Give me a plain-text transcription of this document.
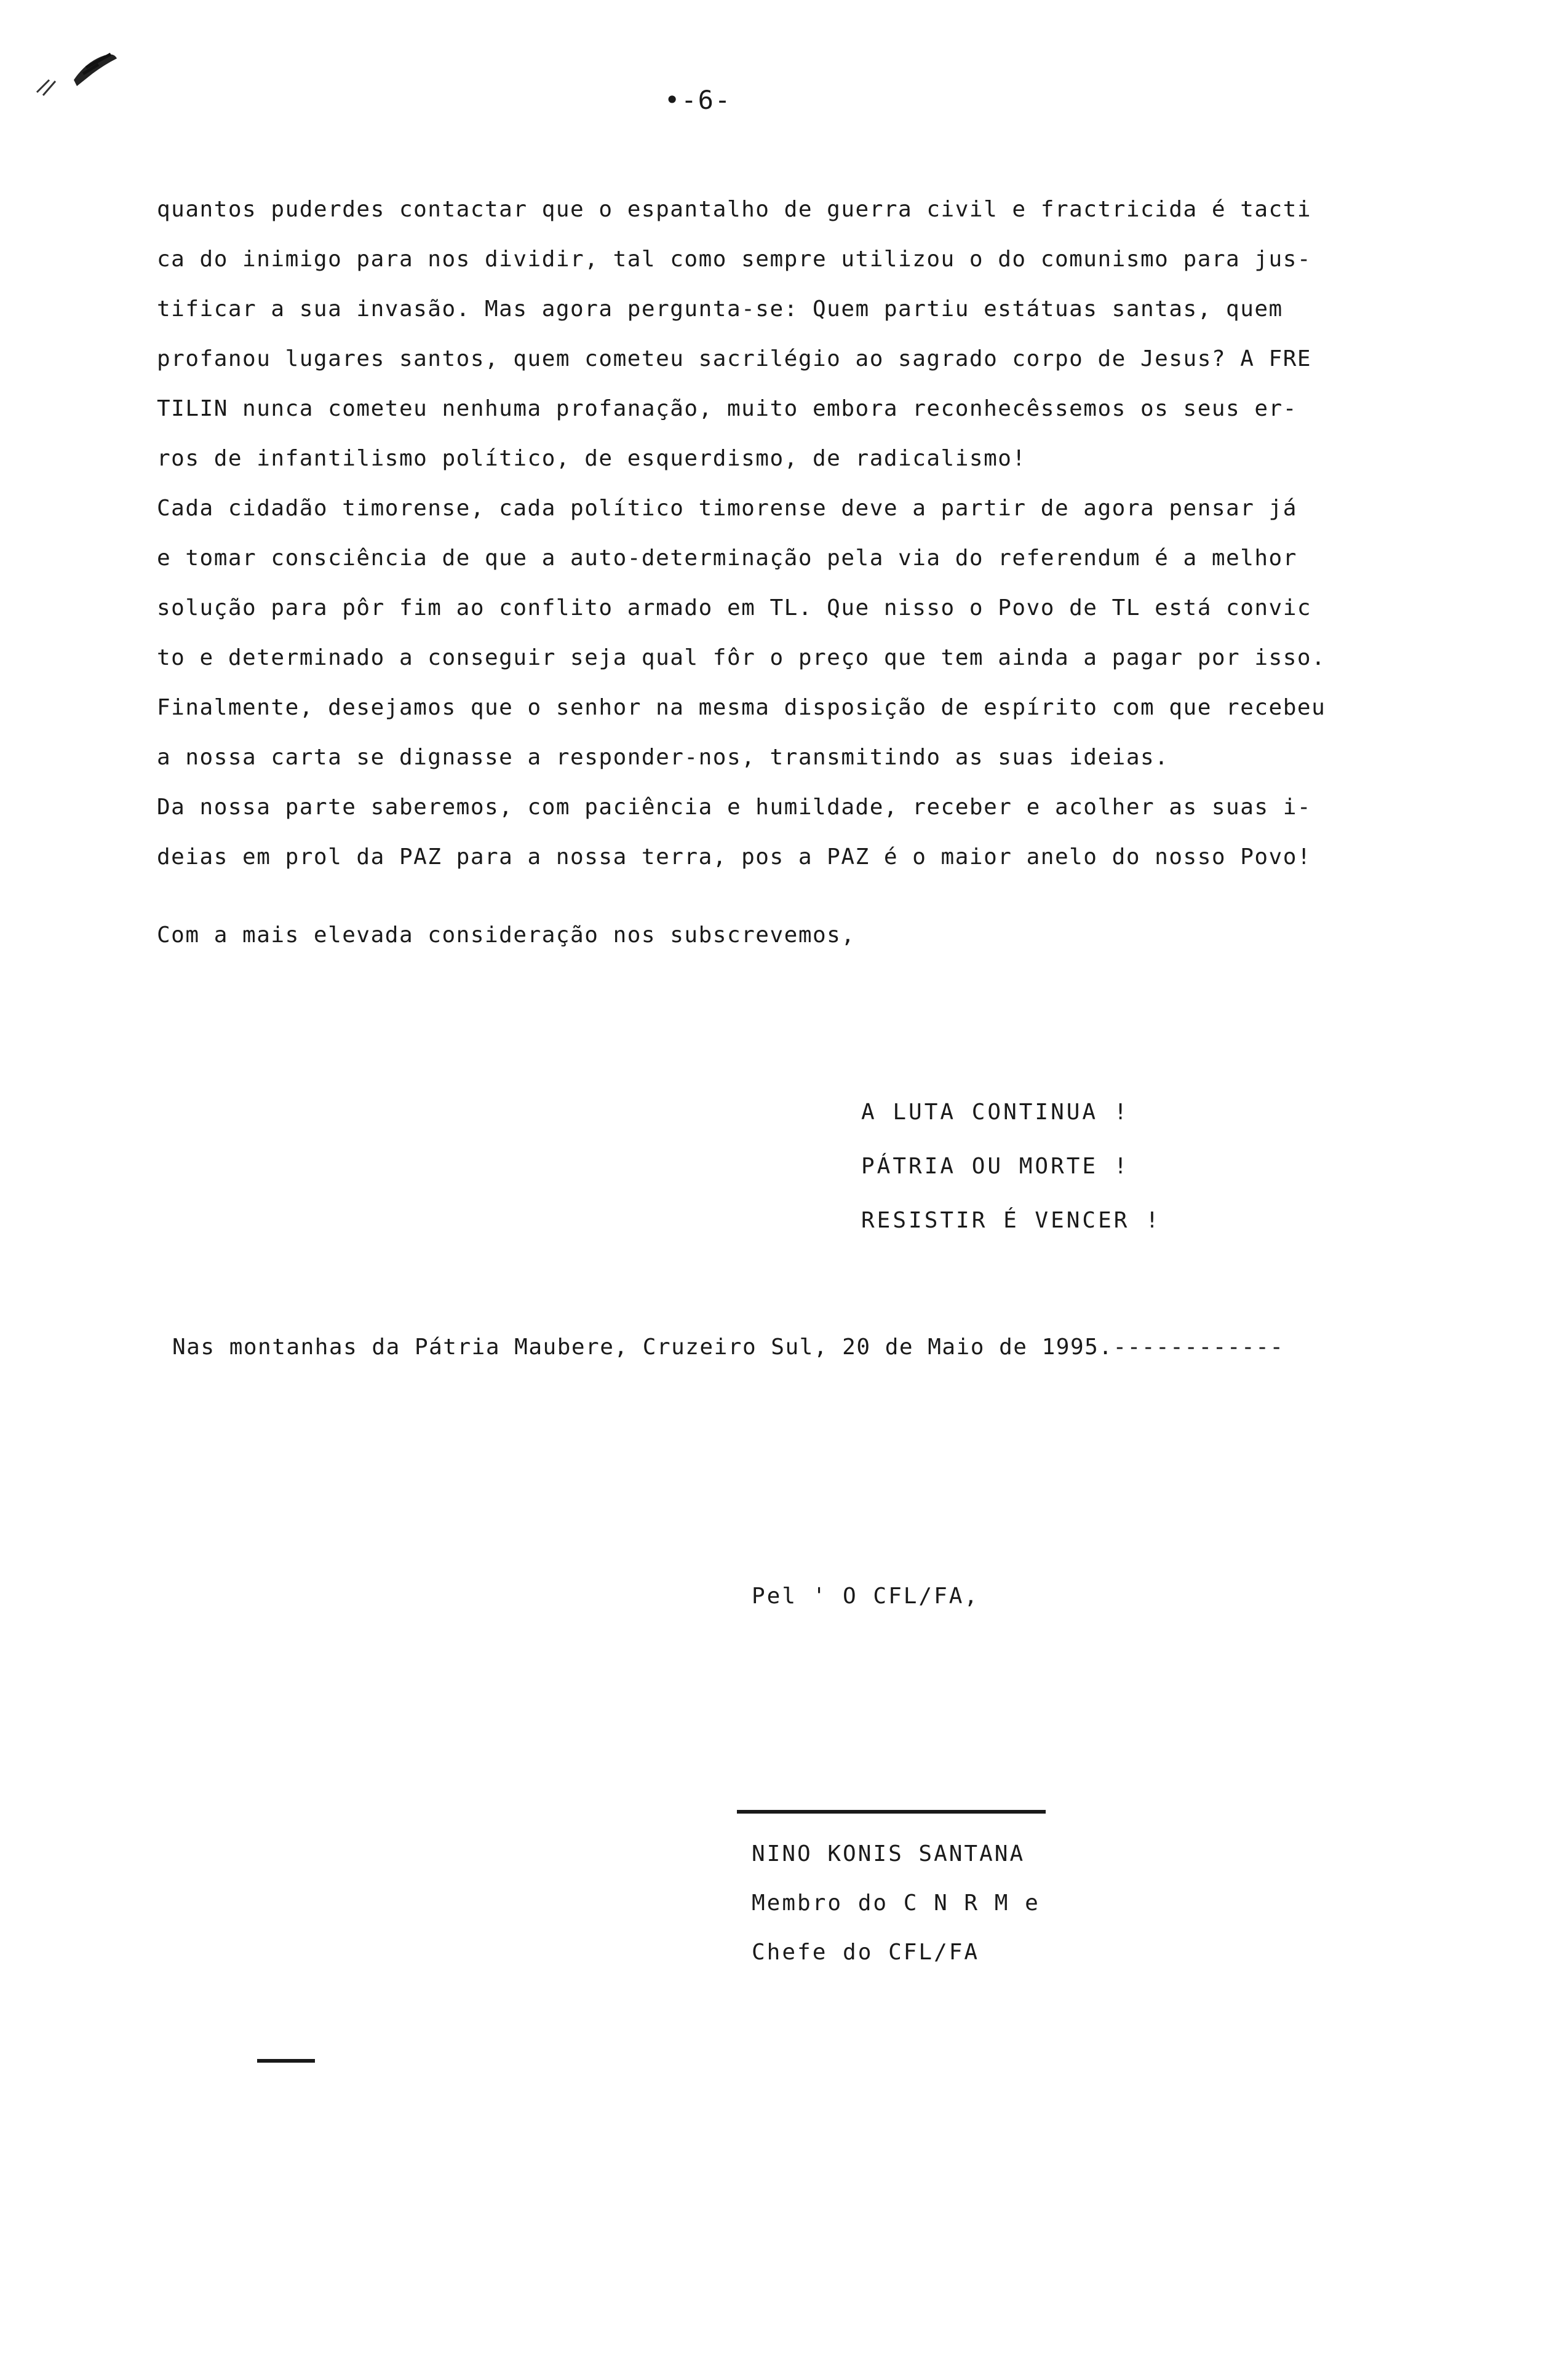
•-6-
quantos puderdes contactar que o espantalho de guerra civil e fractricida é tacti
ca do inimigo para nos dividir, tal como sempre utilizou o do comunismo para jus-
tificar a sua invasão. Mas agora pergunta-se: Quem partiu estátuas santas, quem
profanou lugares santos, quem cometeu sacrilégio ao sagrado corpo de Jesus? A FRE
TILIN nunca cometeu nenhuma profanação, muito embora reconhecêssemos os seus er-
ros de infantilismo político, de esquerdismo, de radicalismo!
Cada cidadão timorense, cada político timorense deve a partir de agora pensar já
e tomar consciência de que a auto-determinação pela via do referendum é a melhor
solução para pôr fim ao conflito armado em TL. Que nisso o Povo de TL está convic
to e determinado a conseguir seja qual fôr o preço que tem ainda a pagar por isso.
Finalmente, desejamos que o senhor na mesma disposição de espírito com que recebeu
a nossa carta se dignasse a responder-nos, transmitindo as suas ideias.
Da nossa parte saberemos, com paciência e humildade, receber e acolher as suas i-
deias em prol da PAZ para a nossa terra, pos a PAZ é o maior anelo do nosso Povo!
Com a mais elevada consideração nos subscrevemos,
A LUTA CONTINUA !
PÁTRIA OU MORTE !
RESISTIR É VENCER !
Nas montanhas da Pátria Maubere, Cruzeiro Sul, 20 de Maio de 1995.------------
Pel ' O CFL/FA,
NINO KONIS SANTANA
Membro do C N R M e
Chefe do CFL/FA
